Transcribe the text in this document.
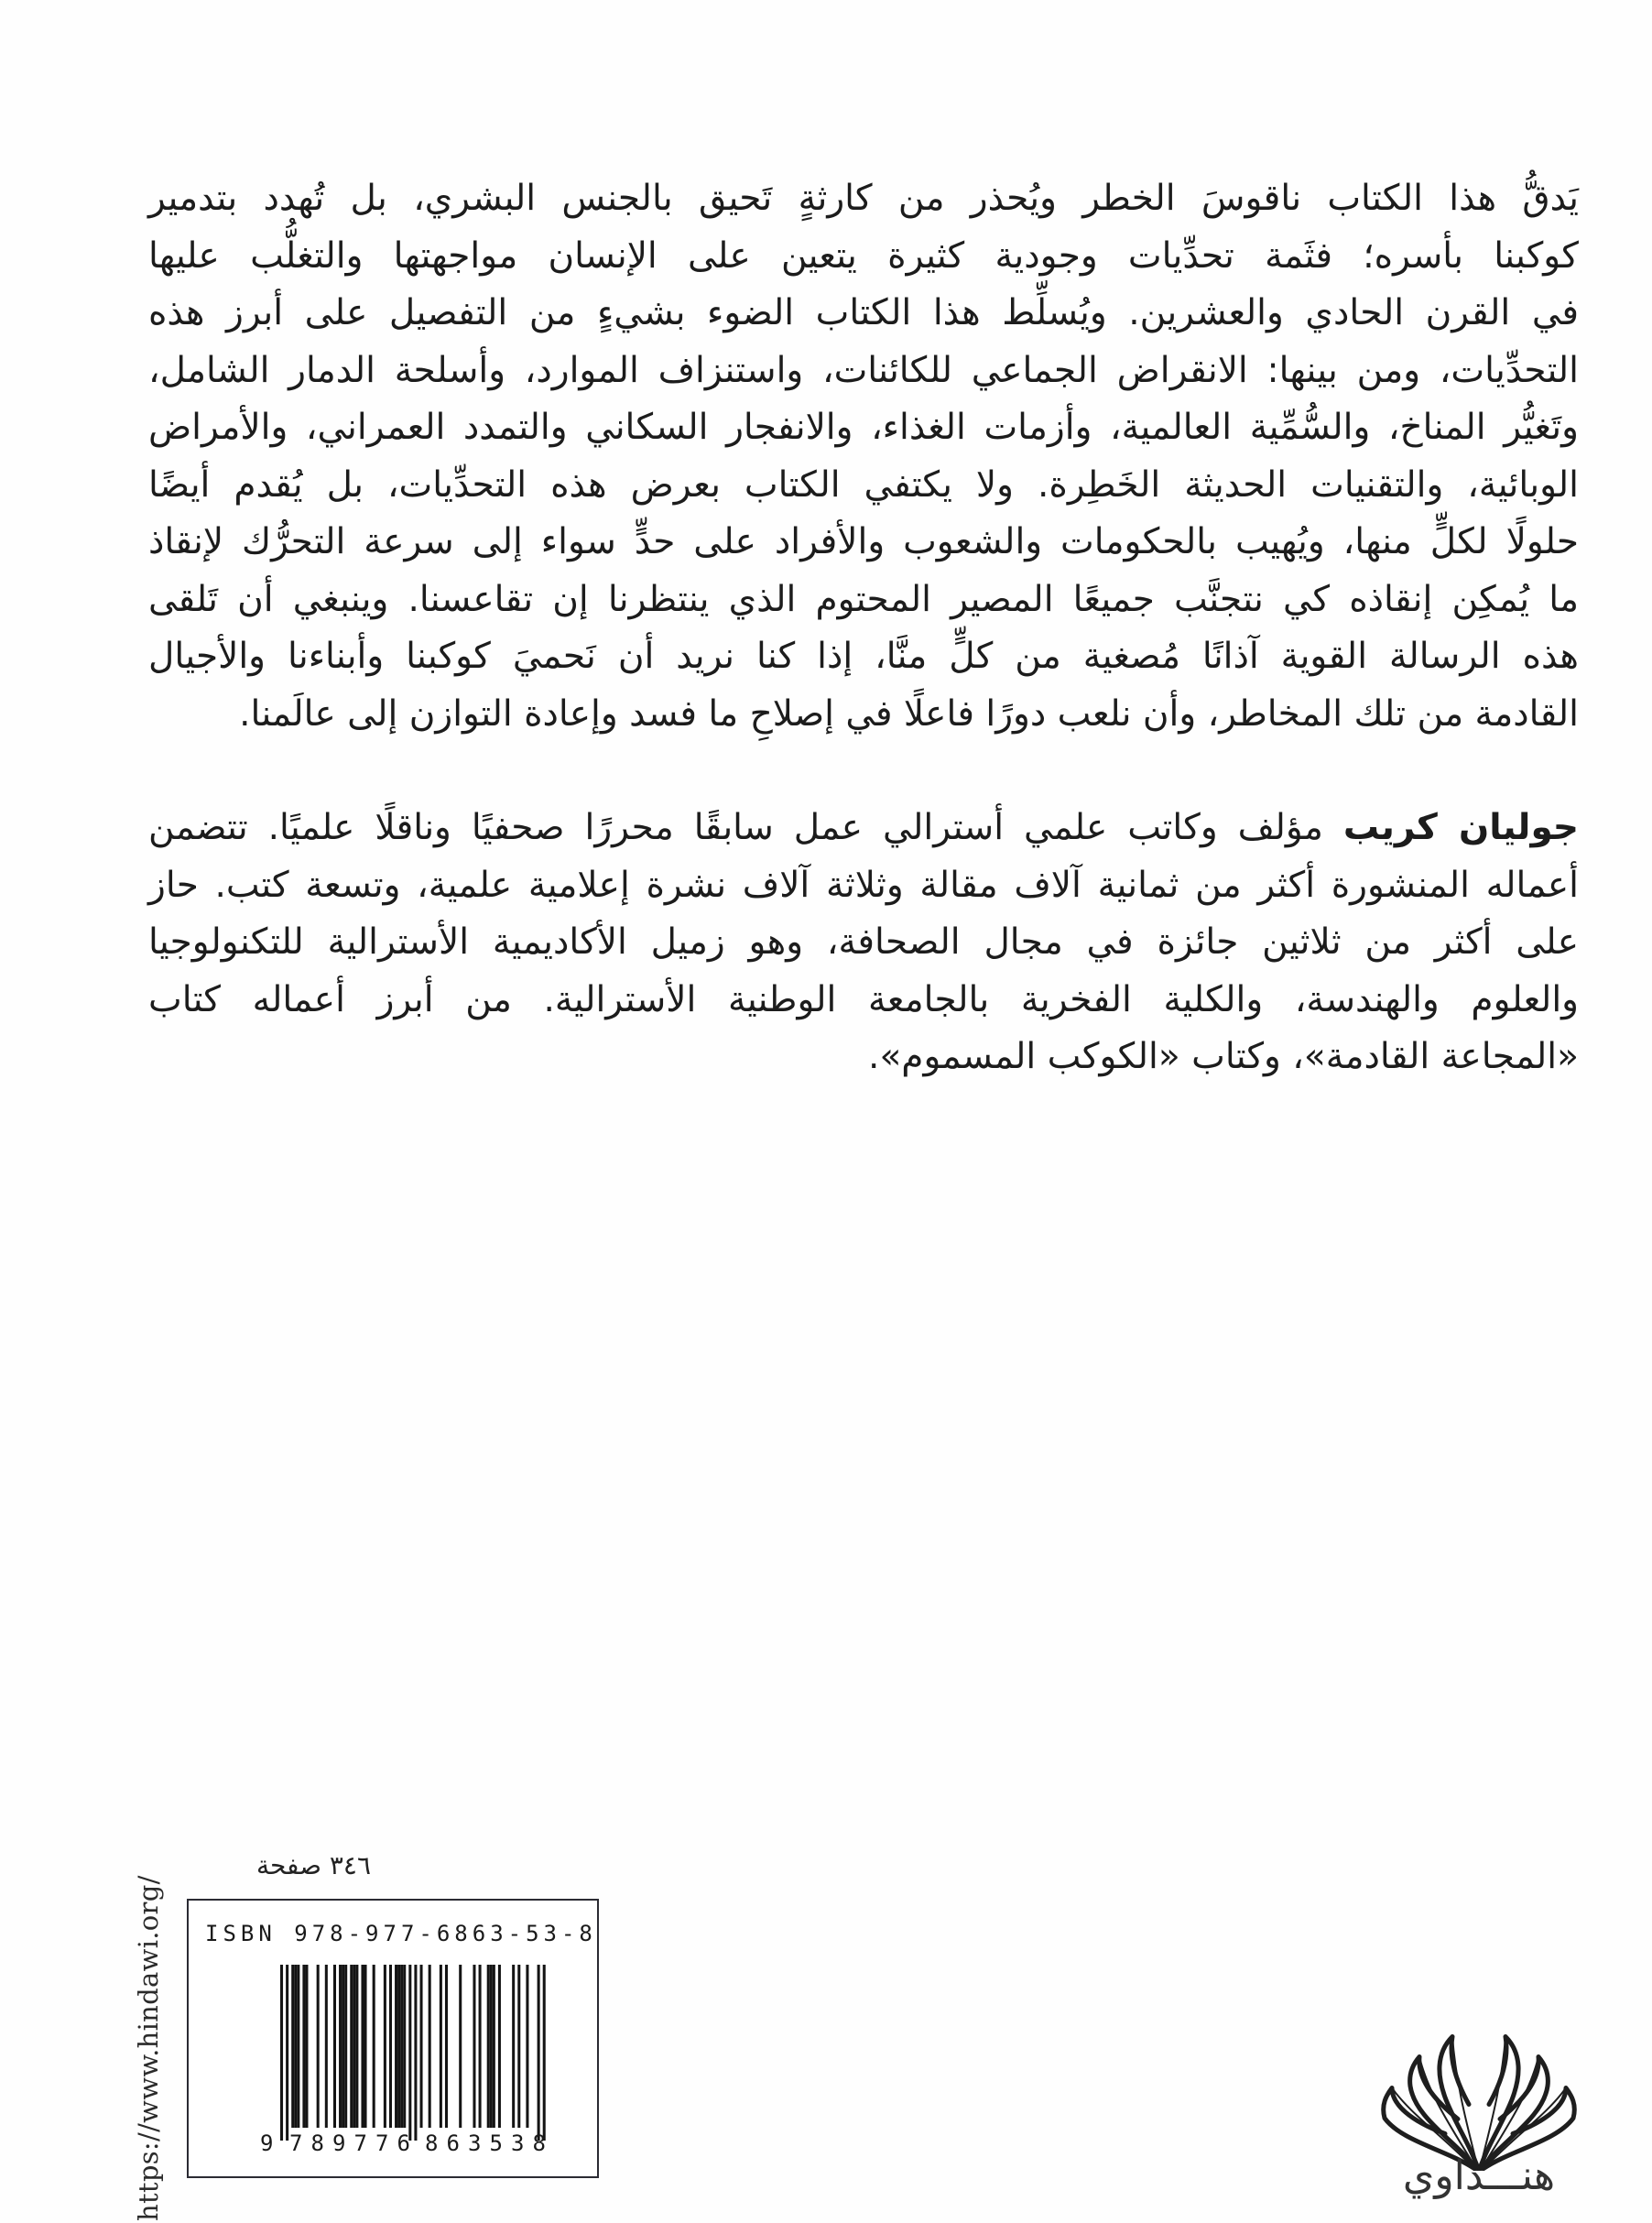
يَدقُّ هذا الكتاب ناقوسَ الخطر ويُحذر من كارثةٍ تَحيق بالجنس البشري، بل تُهدد بتدمير
كوكبنا بأسره؛ فثَمة تحدِّيات وجودية كثيرة يتعين على الإنسان مواجهتها والتغلُّب عليها
في القرن الحادي والعشرين. ويُسلِّط هذا الكتاب الضوء بشيءٍ من التفصيل على أبرز هذه
التحدِّيات، ومن بينها: الانقراض الجماعي للكائنات، واستنزاف الموارد، وأسلحة الدمار الشامل،
وتَغيُّر المناخ، والسُّمِّية العالمية، وأزمات الغذاء، والانفجار السكاني والتمدد العمراني، والأمراض
الوبائية، والتقنيات الحديثة الخَطِرة. ولا يكتفي الكتاب بعرض هذه التحدِّيات، بل يُقدم أيضًا
حلولًا لكلٍّ منها، ويُهيب بالحكومات والشعوب والأفراد على حدٍّ سواء إلى سرعة التحرُّك لإنقاذ
ما يُمكِن إنقاذه كي نتجنَّب جميعًا المصير المحتوم الذي ينتظرنا إن تقاعسنا. وينبغي أن تَلقى
هذه الرسالة القوية آذانًا مُصغية من كلٍّ منَّا، إذا كنا نريد أن نَحميَ كوكبنا وأبناءنا والأجيال
القادمة من تلك المخاطر، وأن نلعب دورًا فاعلًا في إصلاحِ ما فسد وإعادة التوازن إلى عالَمنا.

جوليان كريب مؤلف وكاتب علمي أسترالي عمل سابقًا محررًا صحفيًا وناقلًا علميًا. تتضمن
أعماله المنشورة أكثر من ثمانية آلاف مقالة وثلاثة آلاف نشرة إعلامية علمية، وتسعة كتب. حاز
على أكثر من ثلاثين جائزة في مجال الصحافة، وهو زميل الأكاديمية الأسترالية للتكنولوجيا
والعلوم والهندسة، والكلية الفخرية بالجامعة الوطنية الأسترالية. من أبرز أعماله كتاب
«المجاعة القادمة»، وكتاب «الكوكب المسموم».

https://www.hindawi.org/
٣٤٦ صفحة
ISBN 978-977-6863-53-8
9 789776 863538
هنـــداوي
